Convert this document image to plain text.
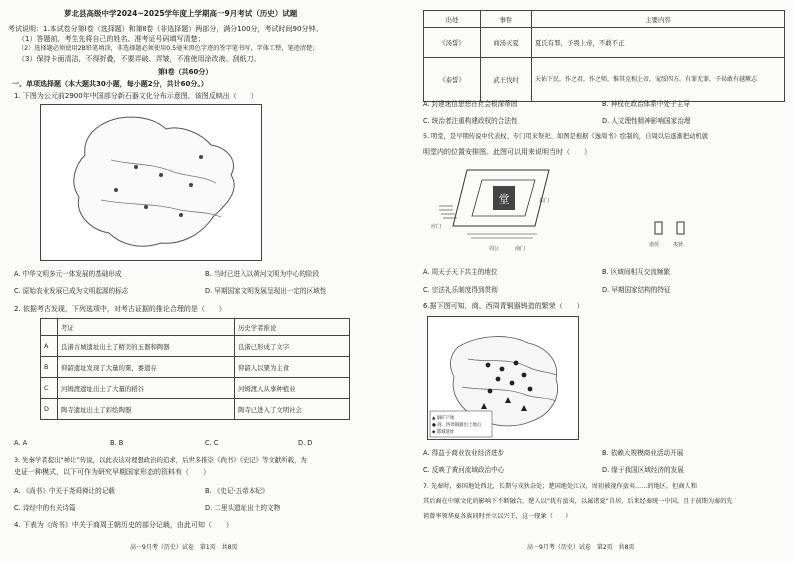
萝北县高级中学2024~2025学年度上学期高一9月考试（历史）试题
考试说明：1.本试卷分第Ⅰ卷（选择题）和第Ⅱ卷（非选择题）两部分，满分100分，考试时间90分钟。
（1）答题前，考生先将自己的姓名、准考证号码填写清楚；
（2）选择题必须使用2B铅笔填涂，非选择题必须使用0.5毫米黑色字迹的签字笔书写，字体工整，笔迹清楚；
（3）保持卡面清洁，不得折叠，不要弄破、弄皱，不准使用涂改液、刮纸刀。
第Ⅰ卷（共60分）
一、单项选择题（本大题共30小题，每小题2分，共计60分。）
1. 下图为公元前2900年中国部分新石器文化分布示意图，该图反映出（　　）
A. 中华文明多元一体发展的基础形成	B. 当时已进入以黄河文明为中心的阶段
C. 原始农业发展已成为文明起源的标志	D. 早期国家文明发展呈现出一定的区域性
2. 依据考古发现，下列选项中，对考古证据的推论合理的是（　　）
	考证	历史学者推论
A	良渚古城遗址出土了精美的玉器和陶器	良渚已形成了文字
B	仰韶遗址发现了大量的粟、黍遗存	仰韶人以粟为主食
C	河姆渡遗址出土了大量的稻谷	河姆渡人从事种植业
D	陶寺遗址出土了彩绘陶器	陶寺已进入了文明社会
A. A	B. B	C. C	D. D
3. 先秦学者提出“禅让”传说，以此表达对理想政治的追求，后世多推崇《尚书》《史记》等文献所载，为
史证一种模式，以下可作为研究早期国家形态的资料有（　　）
A. 《尚书》中关于尧舜禅让的记载	B. 《史记·五帝本纪》
C. 诗经中的有关诗篇	D. 二里头遗址出土的文物
4. 下表为《尚书》中关于商周王朝历史的部分记载，由此可知（　　）
高一9月考（历史）试卷　第1页　共8页
出处	事件	主要内容
《汤誓》	商汤灭夏	夏氏有罪，予畏上帝，不敢不正
《泰誓》	武王伐纣	天佑下民，作之君，作之师，惟其克相上帝，宠绥四方。有罪无罪，予曷敢有越厥志
A. 封建迷信思想在社会根深蒂固	B. 神权在政治体系中处于主导
C. 统治者注重构建政权的合法性	D. 人文理性精神影响国家治理
5. 明堂，是早期传说中代表权、专门用来祭祀、如图是根据《逸周书》绘制的，自周以后逐渐把动机就
明堂内的位置安排图。此图可以用来说明当时（　　）
堂
周公	南门
应门
东门
诸侯	夷狄
A. 周天子天下共主的地位	B. 区域间相互交流频繁
C. 宗法礼乐制度得到贯彻	D. 早期国家结构的特征
6.据下图可知，商、西周青铜器铸造的繁荣（　　）
▲ 铜矿产地
● 商、西周铜器出土地点
◆ 都城遗址
A. 得益于商业农业经济进步	B. 依赖大规模商业活动开展
C. 反映了黄河流域政治中心	D. 缘于我国区域经济的发展
7. 先秦时，秦国地处西北，长期与戎狄杂处；楚国地处江汉，周初被视作蛮夷……的地区，但商人和
其后裔在中原文化的影响下不断融合，楚人以“抚有蛮夷，以属诸夏”自居，后来经秦统一中国，且于前期为秦的先
祖曾率领华夏各族同时并立以兴王，这一现象（　　）
高一9月考（历史）试卷　第2页　共8页
